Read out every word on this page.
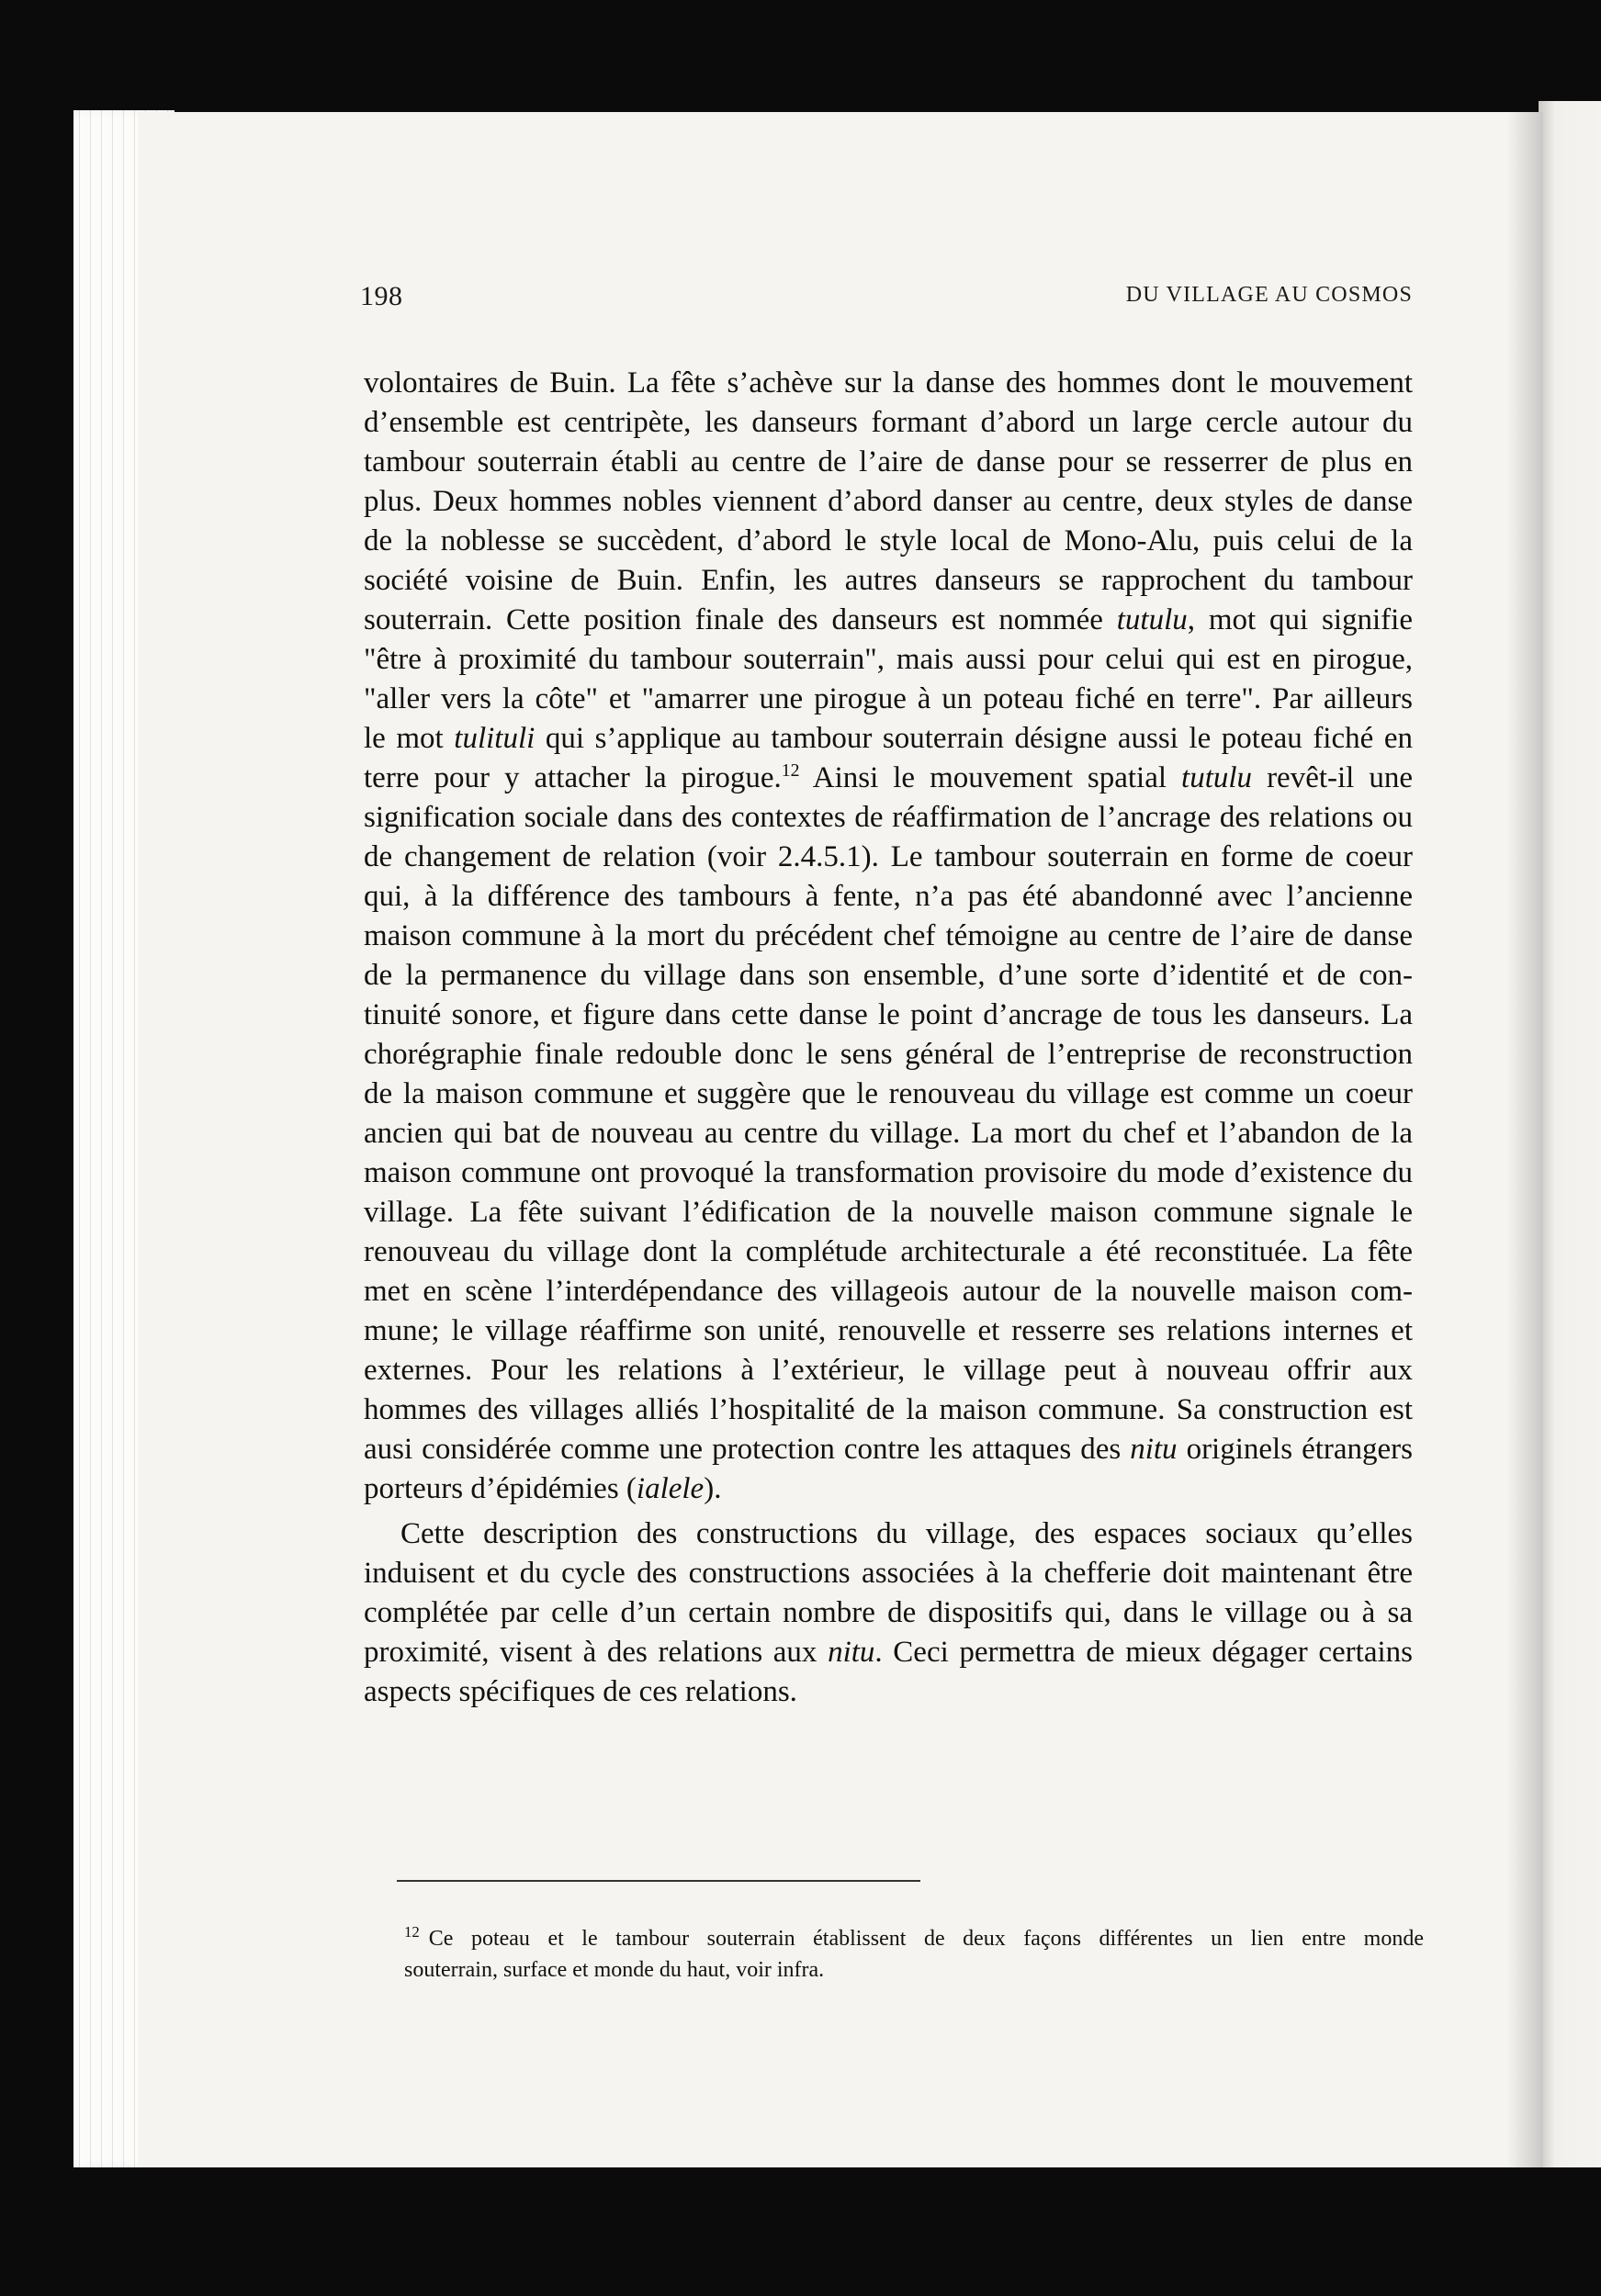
198	DU VILLAGE AU COSMOS

volontaires de Buin. La fête s’achève sur la danse des hommes dont le mouvement
d’ensemble est centripète, les danseurs formant d’abord un large cercle autour du
tambour souterrain établi au centre de l’aire de danse pour se resserrer de plus en
plus. Deux hommes nobles viennent d’abord danser au centre, deux styles de danse
de la noblesse se succèdent, d’abord le style local de Mono-Alu, puis celui de la
société voisine de Buin. Enfin, les autres danseurs se rapprochent du tambour
souterrain. Cette position finale des danseurs est nommée tutulu, mot qui signifie
"être à proximité du tambour souterrain", mais aussi pour celui qui est en pirogue,
"aller vers la côte" et "amarrer une pirogue à un poteau fiché en terre". Par ailleurs
le mot tulituli qui s’applique au tambour souterrain désigne aussi le poteau fiché en
terre pour y attacher la pirogue.$^{12}$ Ainsi le mouvement spatial tutulu revêt-il une
signification sociale dans des contextes de réaffirmation de l’ancrage des relations ou
de changement de relation (voir 2.4.5.1). Le tambour souterrain en forme de coeur
qui, à la différence des tambours à fente, n’a pas été abandonné avec l’ancienne
maison commune à la mort du précédent chef témoigne au centre de l’aire de danse
de la permanence du village dans son ensemble, d’une sorte d’identité et de con-
tinuité sonore, et figure dans cette danse le point d’ancrage de tous les danseurs. La
chorégraphie finale redouble donc le sens général de l’entreprise de reconstruction
de la maison commune et suggère que le renouveau du village est comme un coeur
ancien qui bat de nouveau au centre du village. La mort du chef et l’abandon de la
maison commune ont provoqué la transformation provisoire du mode d’existence du
village. La fête suivant l’édification de la nouvelle maison commune signale le
renouveau du village dont la complétude architecturale a été reconstituée. La fête
met en scène l’interdépendance des villageois autour de la nouvelle maison com-
mune; le village réaffirme son unité, renouvelle et resserre ses relations internes et
externes. Pour les relations à l’extérieur, le village peut à nouveau offrir aux
hommes des villages alliés l’hospitalité de la maison commune. Sa construction est
ausi considérée comme une protection contre les attaques des nitu originels étrangers
porteurs d’épidémies (ialele).

Cette description des constructions du village, des espaces sociaux qu’elles
induisent et du cycle des constructions associées à la chefferie doit maintenant être
complétée par celle d’un certain nombre de dispositifs qui, dans le village ou à sa
proximité, visent à des relations aux nitu. Ceci permettra de mieux dégager certains
aspects spécifiques de ces relations.

$^{12}$ Ce poteau et le tambour souterrain établissent de deux façons différentes un lien entre monde
souterrain, surface et monde du haut, voir infra.
